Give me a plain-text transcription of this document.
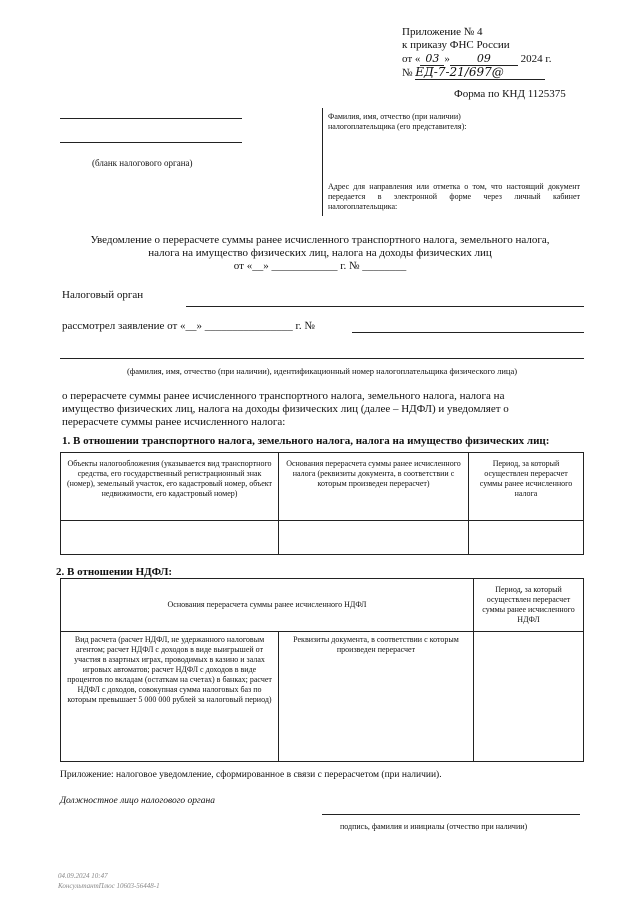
Приложение № 4
к приказу ФНС России
от « 03 » 09	2024 г.
№ ЕД-7-21/697@
Форма по КНД 1125375
(бланк налогового органа)
Фамилия, имя, отчество (при наличии) налогоплательщика (его представителя):
Адрес для направления или отметка о том, что настоящий документ передается в электронной форме через личный кабинет налогоплательщика:
Уведомление о перерасчете суммы ранее исчисленного транспортного налога, земельного налога,
налога на имущество физических лиц, налога на доходы физических лиц
от «__» ____________ г. № ________
Налоговый орган
рассмотрел заявление от «__» ________________ г. №
(фамилия, имя, отчество (при наличии), идентификационный номер налогоплательщика физического лица)
о перерасчете суммы ранее исчисленного транспортного налога, земельного налога, налога на
имущество физических лиц, налога на доходы физических лиц (далее – НДФЛ) и уведомляет о
перерасчете суммы ранее исчисленного налога:
1. В отношении транспортного налога, земельного налога, налога на имущество физических лиц:
Объекты налогообложения (указывается вид транспортного средства, его государственный регистрационный знак (номер), земельный участок, его кадастровый номер, объект недвижимости, его кадастровый номер)	Основания перерасчета суммы ранее исчисленного налога (реквизиты документа, в соответствии с которым произведен перерасчет)	Период, за который осуществлен перерасчет суммы ранее исчисленного налога

2. В отношении НДФЛ:
Основания перерасчета суммы ранее исчисленного НДФЛ		Период, за который осуществлен перерасчет суммы ранее исчисленного НДФЛ
Вид расчета (расчет НДФЛ, не удержанного налоговым агентом; расчет НДФЛ с доходов в виде выигрышей от участия в азартных играх, проводимых в казино и залах игровых автоматов; расчет НДФЛ с доходов в виде процентов по вкладам (остаткам на счетах) в банках; расчет НДФЛ с доходов, совокупная сумма налоговых баз по которым превышает 5 000 000 рублей за налоговый период)	Реквизиты документа, в соответствии с которым произведен перерасчет	
Приложение: налоговое уведомление, сформированное в связи с перерасчетом (при наличии).
Должностное лицо налогового органа
подпись, фамилия и инициалы (отчество при наличии)
04.09.2024 10:47
КонсультантПлюс 10603-56448-1
